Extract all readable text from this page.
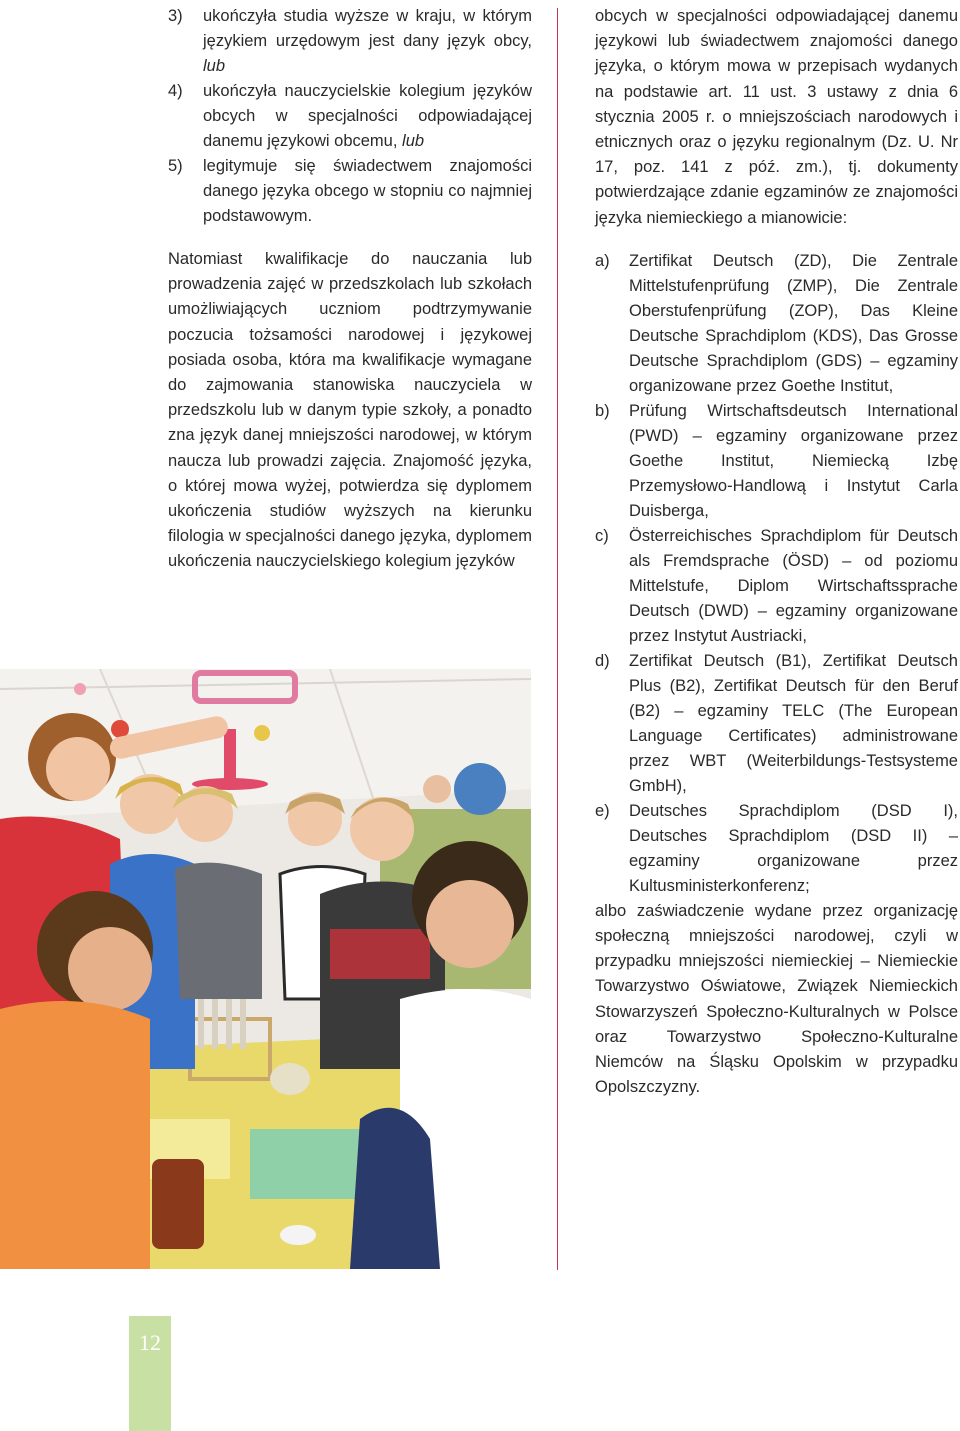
3) ukończyła studia wyższe w kraju, w którym językiem urzędowym jest dany język obcy, lub
4) ukończyła nauczycielskie kolegium języków obcych w specjalności odpowiadającej danemu językowi obcemu, lub
5) legitymuje się świadectwem znajomości danego języka obcego w stopniu co najmniej podstawowym.

Natomiast kwalifikacje do nauczania lub prowadzenia zajęć w przedszkolach lub szkołach umożliwiających uczniom podtrzymywanie poczucia tożsamości narodowej i językowej posiada osoba, która ma kwalifikacje wymagane do zajmowania stanowiska nauczyciela w przedszkolu lub w danym typie szkoły, a ponadto zna język danej mniejszości narodowej, w którym naucza lub prowadzi zajęcia. Znajomość języka, o której mowa wyżej, potwierdza się dyplomem ukończenia studiów wyższych na kierunku filologia w specjalności danego języka, dyplomem ukończenia nauczycielskiego kolegium języków

obcych w specjalności odpowiadającej danemu językowi lub świadectwem znajomości danego języka, o którym mowa w przepisach wydanych na podstawie art. 11 ust. 3 ustawy z dnia 6 stycznia 2005 r. o mniejszościach narodowych i etnicznych oraz o języku regionalnym (Dz. U. Nr 17, poz. 141 z póź. zm.), tj. dokumenty potwierdzające zdanie egzaminów ze znajomości języka niemieckiego a mianowicie:

a) Zertifikat Deutsch (ZD), Die Zentrale Mittelstufenprüfung (ZMP), Die Zentrale Oberstufenprüfung (ZOP), Das Kleine Deutsche Sprachdiplom (KDS), Das Grosse Deutsche Sprachdiplom (GDS) – egzaminy organizowane przez Goethe Institut,
b) Prüfung Wirtschaftsdeutsch International (PWD) – egzaminy organizowane przez Goethe Institut, Niemiecką Izbę Przemysłowo-Handlową i Instytut Carla Duisberga,
c) Österreichisches Sprachdiplom für Deutsch als Fremdsprache (ÖSD) – od poziomu Mittelstufe, Diplom Wirtschaftssprache Deutsch (DWD) – egzaminy organizowane przez Instytut Austriacki,
d) Zertifikat Deutsch (B1), Zertifikat Deutsch Plus (B2), Zertifikat Deutsch für den Beruf (B2) – egzaminy TELC (The European Language Certificates) administrowane przez WBT (Weiterbildungs-Testsysteme GmbH),
e) Deutsches Sprachdiplom (DSD I), Deutsches Sprachdiplom (DSD II) – egzaminy organizowane przez Kultusministerkonferenz;

albo zaświadczenie wydane przez organizację społeczną mniejszości narodowej, czyli w przypadku mniejszości niemieckiej – Niemieckie Towarzystwo Oświatowe, Związek Niemieckich Stowarzyszeń Społeczno-Kulturalnych w Polsce oraz Towarzystwo Społeczno-Kulturalne Niemców na Śląsku Opolskim w przypadku Opolszczyzny.

12
